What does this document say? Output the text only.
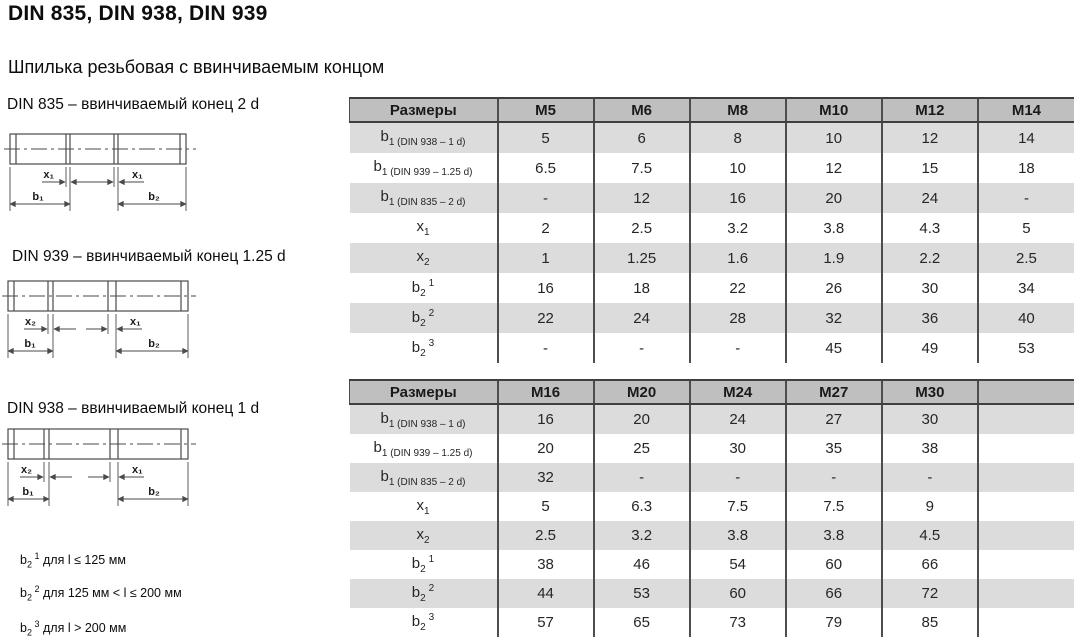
DIN 835, DIN 938, DIN 939
Шпилька резьбовая с ввинчиваемым концом
DIN 835 – ввинчиваемый конец 2 d
x₁	x₁
b₁	b₂
DIN 939 – ввинчиваемый конец 1.25 d
x₂	x₁
b₁	b₂
DIN 938 – ввинчиваемый конец 1 d
x₂	x₁
b₁	b₂
$b_2$ $^1$ для l ≤ 125 мм
$b_2$ $^2$ для 125 мм < l ≤ 200 мм
$b_2$ $^3$ для l > 200 мм
Размеры	M5	M6	M8	M10	M12	M14
$b_{1 (DIN 938 - 1 d)}$	5	6	8	10	12	14
$b_{1 (DIN 939 - 1.25 d)}$	6.5	7.5	10	12	15	18
$b_{1 (DIN 835 - 2 d)}$	-	12	16	20	24	-
$x_1$	2	2.5	3.2	3.8	4.3	5
$x_2$	1	1.25	1.6	1.9	2.2	2.5
$b_2$ $^1$	16	18	22	26	30	34
$b_2$ $^2$	22	24	28	32	36	40
$b_2$ $^3$	-	-	-	45	49	53
Размеры	M16	M20	M24	M27	M30	
$b_{1 (DIN 938 - 1 d)}$	16	20	24	27	30	
$b_{1 (DIN 939 - 1.25 d)}$	20	25	30	35	38	
$b_{1 (DIN 835 - 2 d)}$	32	-	-	-	-	
$x_1$	5	6.3	7.5	7.5	9	
$x_2$	2.5	3.2	3.8	3.8	4.5	
$b_2$ $^1$	38	46	54	60	66	
$b_2$ $^2$	44	53	60	66	72	
$b_2$ $^3$	57	65	73	79	85	
